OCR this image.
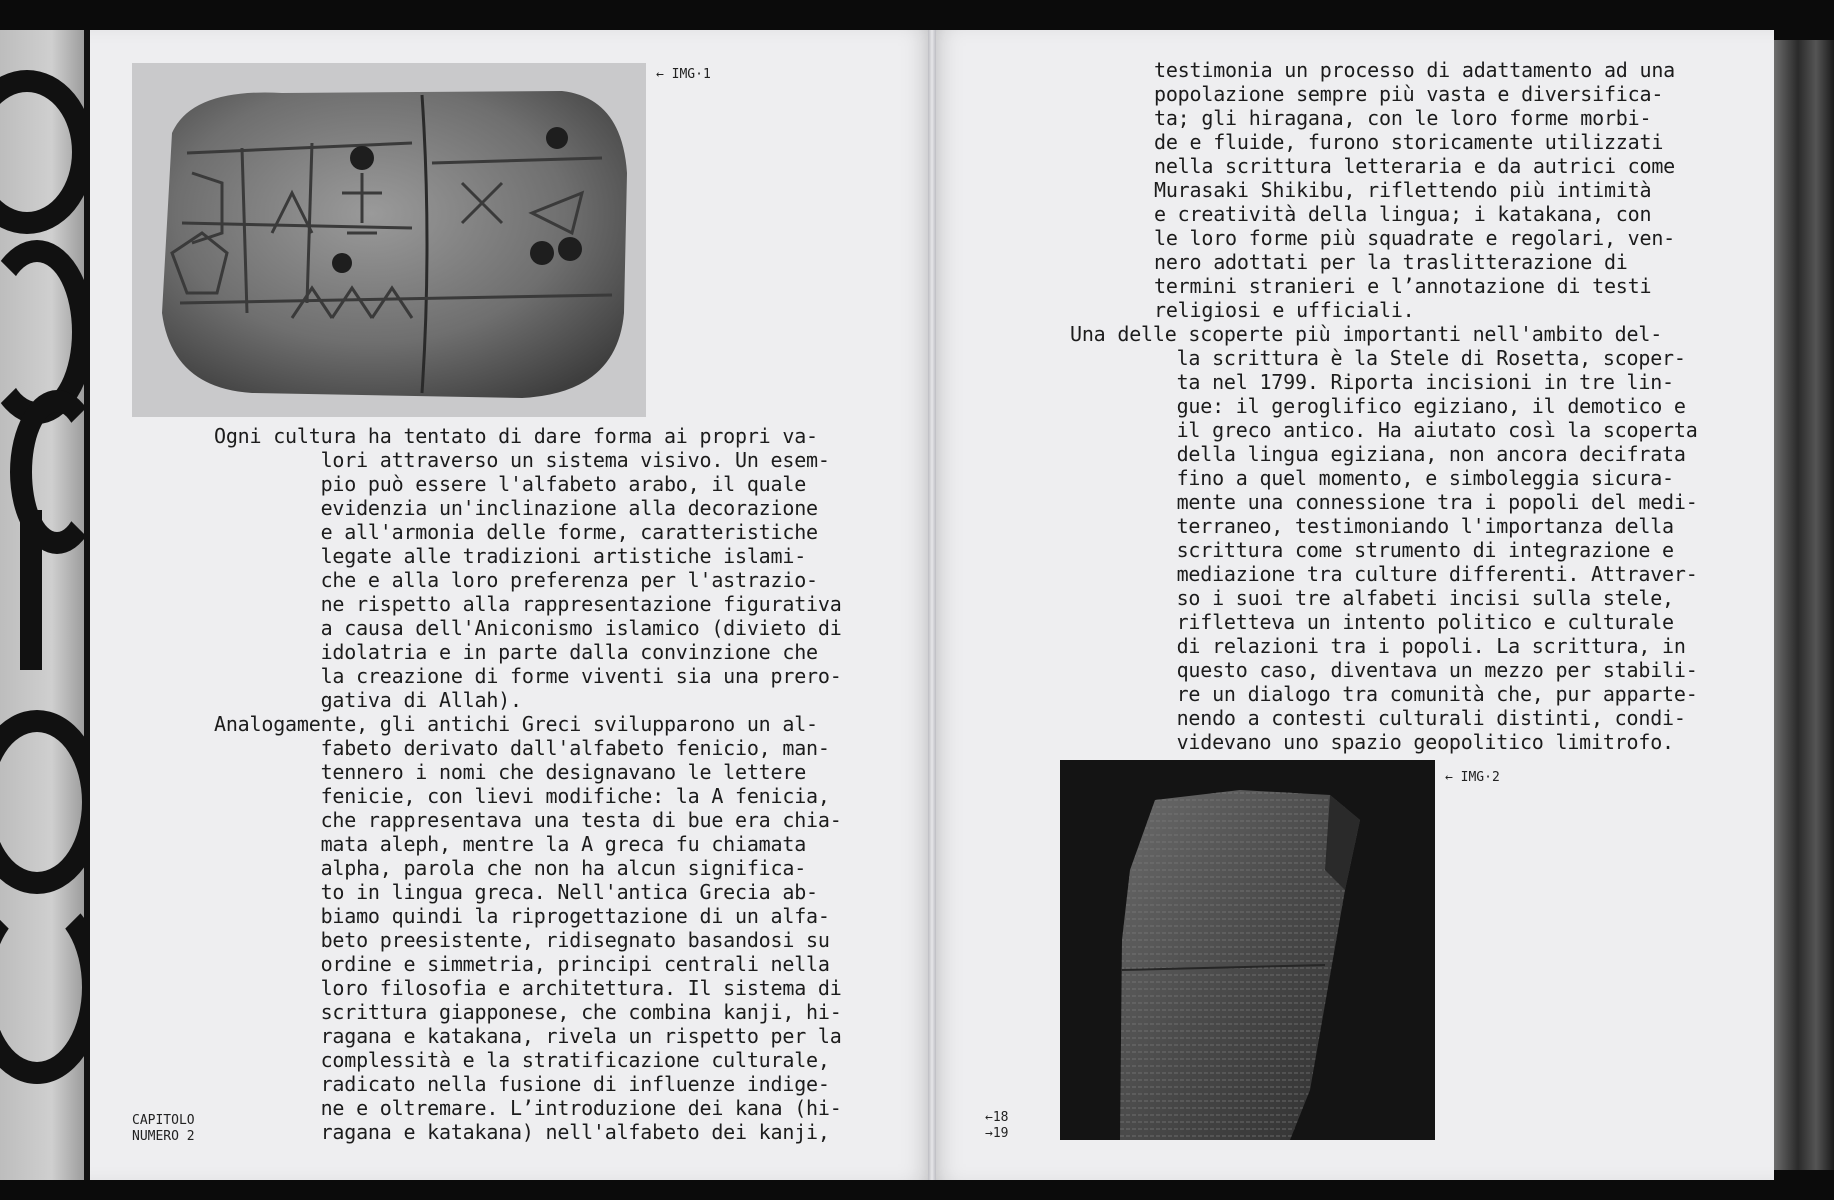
← IMG·1
Ogni cultura ha tentato di dare forma ai propri va-
lori attraverso un sistema visivo. Un esem-
pio può essere l'alfabeto arabo, il quale
evidenzia un'inclinazione alla decorazione
e all'armonia delle forme, caratteristiche
legate alle tradizioni artistiche islami-
che e alla loro preferenza per l'astrazio-
ne rispetto alla rappresentazione figurativa
a causa dell'Aniconismo islamico (divieto di
idolatria e in parte dalla convinzione che
la creazione di forme viventi sia una prero-
gativa di Allah).
Analogamente, gli antichi Greci svilupparono un al-
fabeto derivato dall'alfabeto fenicio, man-
tennero i nomi che designavano le lettere
fenicie, con lievi modifiche: la A fenicia,
che rappresentava una testa di bue era chia-
mata aleph, mentre la A greca fu chiamata
alpha, parola che non ha alcun significa-
to in lingua greca. Nell'antica Grecia ab-
biamo quindi la riprogettazione di un alfa-
beto preesistente, ridisegnato basandosi su
ordine e simmetria, principi centrali nella
loro filosofia e architettura. Il sistema di
scrittura giapponese, che combina kanji, hi-
ragana e katakana, rivela un rispetto per la
complessità e la stratificazione culturale,
radicato nella fusione di influenze indige-
ne e oltremare. L’introduzione dei kana (hi-
ragana e katakana) nell'alfabeto dei kanji,
CAPITOLO
NUMERO 2
testimonia un processo di adattamento ad una
popolazione sempre più vasta e diversifica-
ta; gli hiragana, con le loro forme morbi-
de e fluide, furono storicamente utilizzati
nella scrittura letteraria e da autrici come
Murasaki Shikibu, riflettendo più intimità
e creatività della lingua; i katakana, con
le loro forme più squadrate e regolari, ven-
nero adottati per la traslitterazione di
termini stranieri e l’annotazione di testi
religiosi e ufficiali.
Una delle scoperte più importanti nell'ambito del-
la scrittura è la Stele di Rosetta, scoper-
ta nel 1799. Riporta incisioni in tre lin-
gue: il geroglifico egiziano, il demotico e
il greco antico. Ha aiutato così la scoperta
della lingua egiziana, non ancora decifrata
fino a quel momento, e simboleggia sicura-
mente una connessione tra i popoli del medi-
terraneo, testimoniando l'importanza della
scrittura come strumento di integrazione e
mediazione tra culture differenti. Attraver-
so i suoi tre alfabeti incisi sulla stele,
rifletteva un intento politico e culturale
di relazioni tra i popoli. La scrittura, in
questo caso, diventava un mezzo per stabili-
re un dialogo tra comunità che, pur apparte-
nendo a contesti culturali distinti, condi-
videvano uno spazio geopolitico limitrofo.
← IMG·2
←18
→19
